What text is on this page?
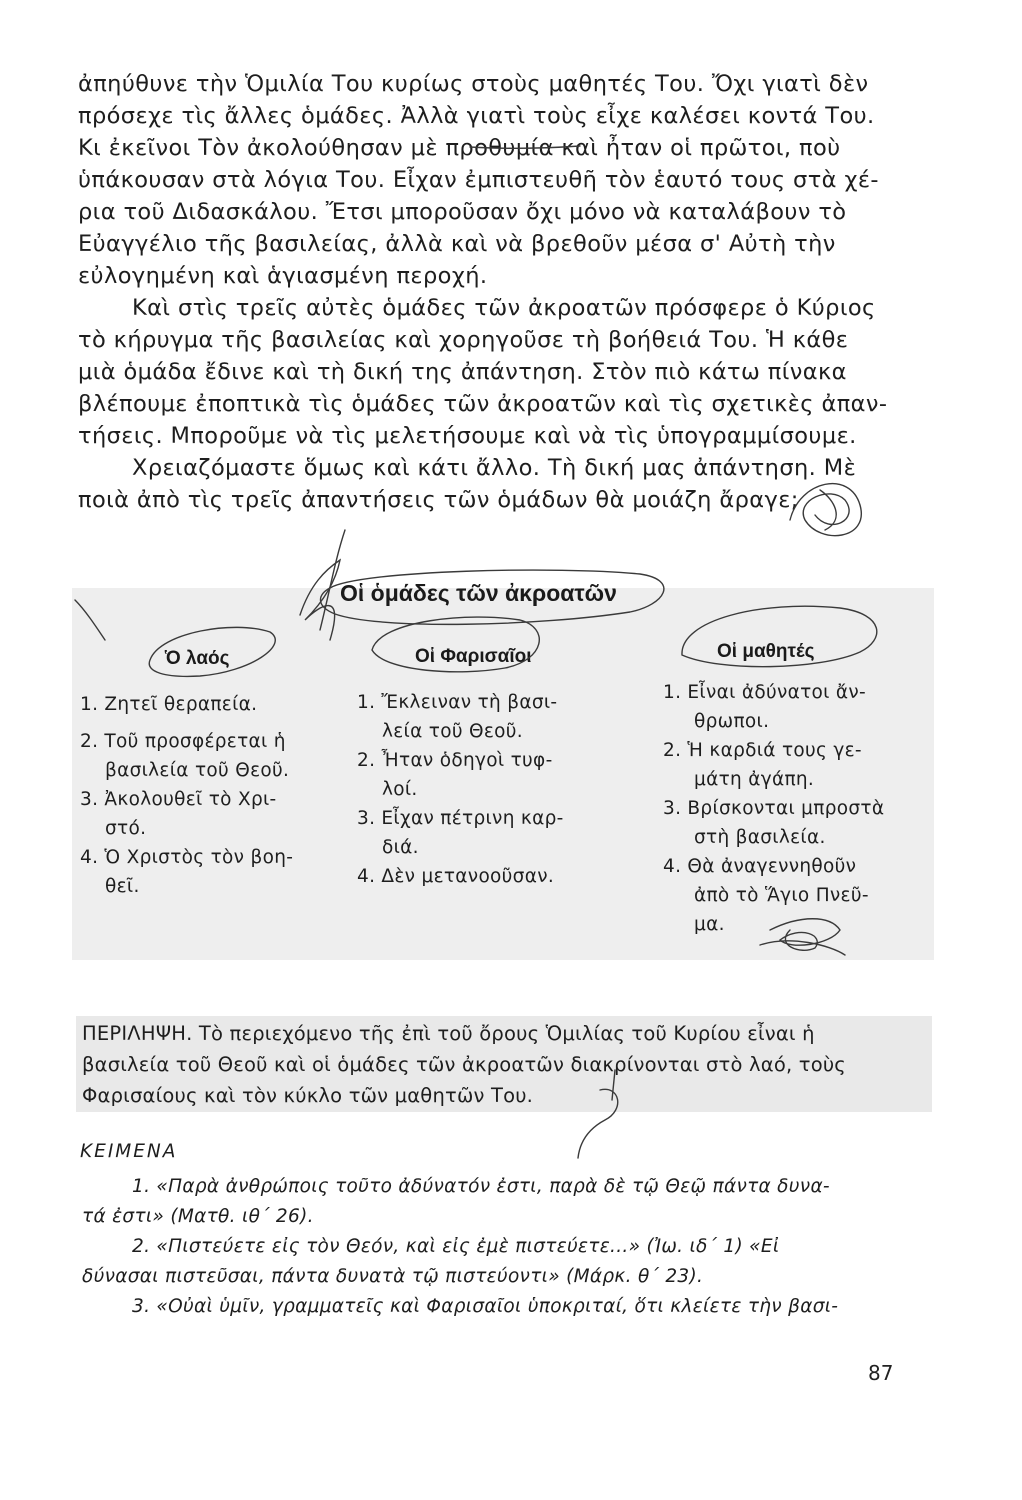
ἀπηύθυνε τὴν Ὁμιλία Του κυρίως στοὺς μαθητές Του. Ὄχι γιατὶ δὲν
πρόσεχε τὶς ἄλλες ὁμάδες. Ἀλλὰ γιατὶ τοὺς εἶχε καλέσει κοντά Του.
Κι ἐκεῖνοι Τὸν ἀκολούθησαν μὲ προθυμία καὶ ἦταν οἱ πρῶτοι, ποὺ
ὑπάκουσαν στὰ λόγια Του. Εἶχαν ἐμπιστευθῆ τὸν ἑαυτό τους στὰ χέ-
ρια τοῦ Διδασκάλου. Ἔτσι μποροῦσαν ὄχι μόνο νὰ καταλάβουν τὸ
Εὐαγγέλιο τῆς βασιλείας, ἀλλὰ καὶ νὰ βρεθοῦν μέσα σ' Αὐτὴ τὴν
εὐλογημένη καὶ ἁγιασμένη περοχή.
Καὶ στὶς τρεῖς αὐτὲς ὁμάδες τῶν ἀκροατῶν πρόσφερε ὁ Κύριος
τὸ κήρυγμα τῆς βασιλείας καὶ χορηγοῦσε τὴ βοήθειά Του. Ἡ κάθε
μιὰ ὁμάδα ἔδινε καὶ τὴ δική της ἀπάντηση. Στὸν πιὸ κάτω πίνακα
βλέπουμε ἐποπτικὰ τὶς ὁμάδες τῶν ἀκροατῶν καὶ τὶς σχετικὲς ἀπαν-
τήσεις. Μποροῦμε νὰ τὶς μελετήσουμε καὶ νὰ τὶς ὑπογραμμίσουμε.
Χρειαζόμαστε ὅμως καὶ κάτι ἄλλο. Τὴ δική μας ἀπάντηση. Μὲ
ποιὰ ἀπὸ τὶς τρεῖς ἀπαντήσεις τῶν ὁμάδων θὰ μοιάζη ἄραγε;
Οἱ ὁμάδες τῶν ἀκροατῶν
Ὁ λαός	Οἱ Φαρισαῖοι	Οἱ μαθητές
1. Ζητεῖ θεραπεία.
2. Τοῦ προσφέρεται ἡ
βασιλεία τοῦ Θεοῦ.
3. Ἀκολουθεῖ τὸ Χρι-
στό.
4. Ὁ Χριστὸς τὸν βοη-
θεῖ.
1. Ἔκλειναν τὴ βασι-
λεία τοῦ Θεοῦ.
2. Ἦταν ὁδηγοὶ τυφ-
λοί.
3. Εἶχαν πέτρινη καρ-
διά.
4. Δὲν μετανοοῦσαν.
1. Εἶναι ἀδύνατοι ἄν-
θρωποι.
2. Ἡ καρδιά τους γε-
μάτη ἀγάπη.
3. Βρίσκονται μπροστὰ
στὴ βασιλεία.
4. Θὰ ἀναγεννηθοῦν
ἀπὸ τὸ Ἅγιο Πνεῦ-
μα.
ΠΕΡΙΛΗΨΗ. Τὸ περιεχόμενο τῆς ἐπὶ τοῦ ὄρους Ὁμιλίας τοῦ Κυρίου εἶναι ἡ
βασιλεία τοῦ Θεοῦ καὶ οἱ ὁμάδες τῶν ἀκροατῶν διακρίνονται στὸ λαό, τοὺς
Φαρισαίους καὶ τὸν κύκλο τῶν μαθητῶν Του.
ΚΕΙΜΕΝΑ
1. «Παρὰ ἀνθρώποις τοῦτο ἀδύνατόν ἐστι, παρὰ δὲ τῷ Θεῷ πάντα δυνα-
τά ἐστι» (Ματθ. ιθ΄ 26).
2. «Πιστεύετε εἰς τὸν Θεόν, καὶ εἰς ἐμὲ πιστεύετε...» (Ἰω. ιδ΄ 1) «Εἰ
δύνασαι πιστεῦσαι, πάντα δυνατὰ τῷ πιστεύοντι» (Μάρκ. θ΄ 23).
3. «Οὐαὶ ὑμῖν, γραμματεῖς καὶ Φαρισαῖοι ὑποκριταί, ὅτι κλείετε τὴν βασι-
87
